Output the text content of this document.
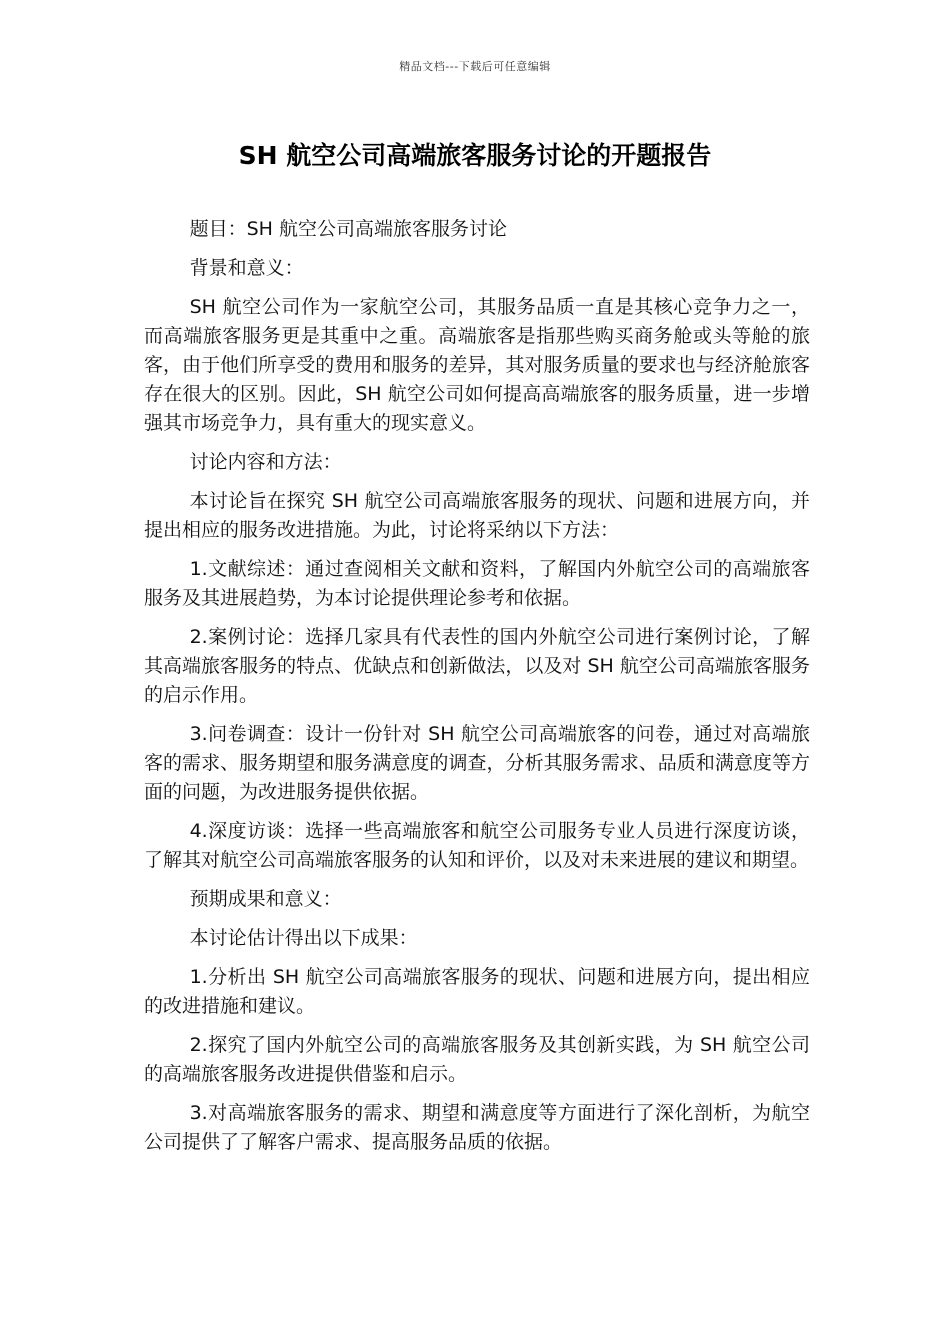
精品文档---下载后可任意编辑
SH 航空公司高端旅客服务讨论的开题报告

题目：SH 航空公司高端旅客服务讨论

背景和意义：

SH 航空公司作为一家航空公司，其服务品质一直是其核心竞争力之一，而高端旅客服务更是其重中之重。高端旅客是指那些购买商务舱或头等舱的旅客，由于他们所享受的费用和服务的差异，其对服务质量的要求也与经济舱旅客存在很大的区别。因此，SH 航空公司如何提高高端旅客的服务质量，进一步增强其市场竞争力，具有重大的现实意义。

讨论内容和方法：

本讨论旨在探究 SH 航空公司高端旅客服务的现状、问题和进展方向，并提出相应的服务改进措施。为此，讨论将采纳以下方法：

1.文献综述：通过查阅相关文献和资料，了解国内外航空公司的高端旅客服务及其进展趋势，为本讨论提供理论参考和依据。

2.案例讨论：选择几家具有代表性的国内外航空公司进行案例讨论，了解其高端旅客服务的特点、优缺点和创新做法，以及对 SH 航空公司高端旅客服务的启示作用。

3.问卷调查：设计一份针对 SH 航空公司高端旅客的问卷，通过对高端旅客的需求、服务期望和服务满意度的调查，分析其服务需求、品质和满意度等方面的问题，为改进服务提供依据。

4.深度访谈：选择一些高端旅客和航空公司服务专业人员进行深度访谈，了解其对航空公司高端旅客服务的认知和评价，以及对未来进展的建议和期望。

预期成果和意义：

本讨论估计得出以下成果：

1.分析出 SH 航空公司高端旅客服务的现状、问题和进展方向，提出相应的改进措施和建议。

2.探究了国内外航空公司的高端旅客服务及其创新实践，为 SH 航空公司的高端旅客服务改进提供借鉴和启示。

3.对高端旅客服务的需求、期望和满意度等方面进行了深化剖析，为航空公司提供了了解客户需求、提高服务品质的依据。
